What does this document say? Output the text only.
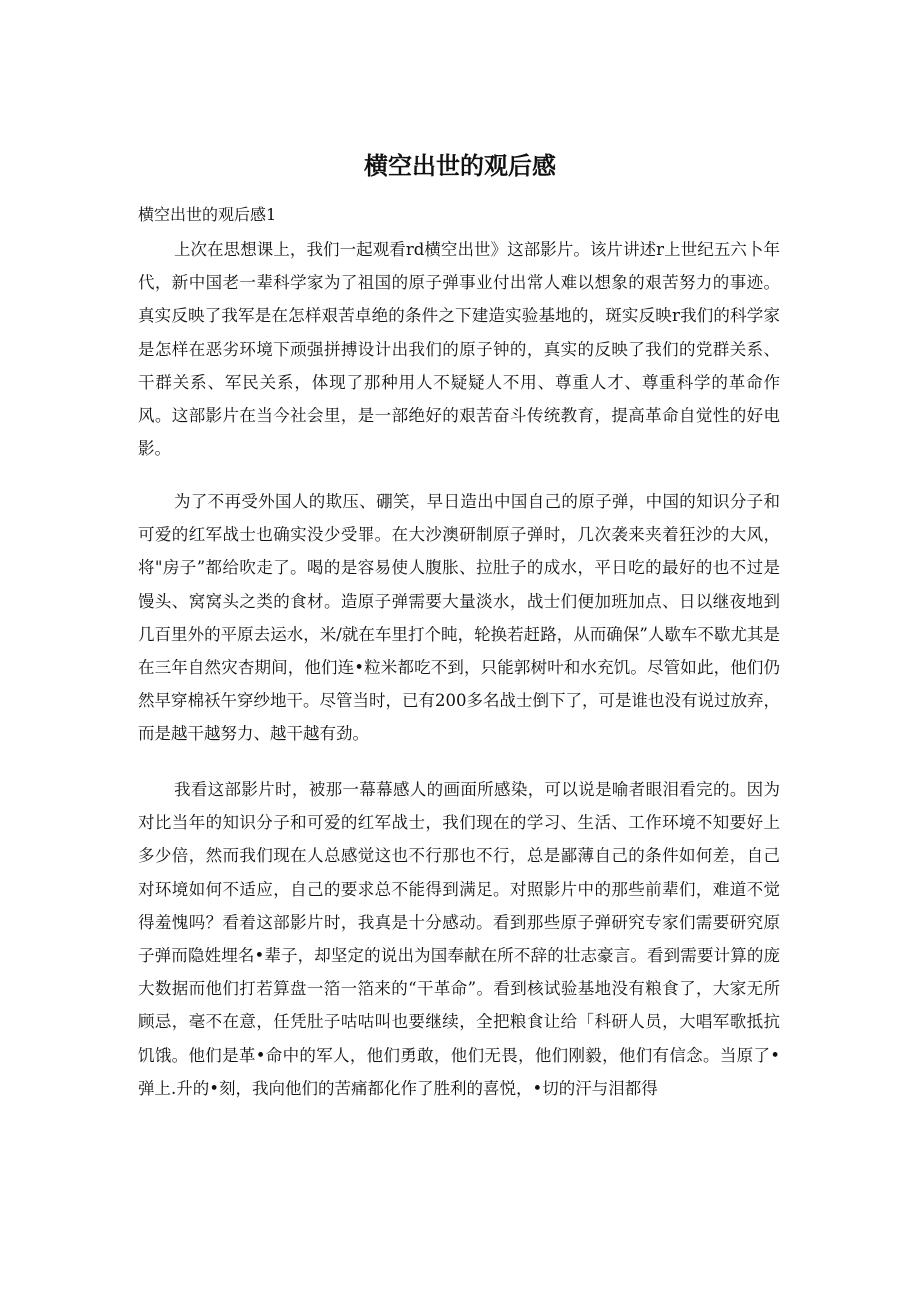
横空出世的观后感

横空出世的观后感1

上次在思想课上，我们一起观看rd横空出世》这部影片。该片讲述r上世纪五六卜年代，新中国老一辈科学家为了祖国的原子弹事业付出常人难以想象的艰苦努力的事迹。真实反映了我军是在怎样艰苦卓绝的条件之下建造实验基地的，斑实反映r我们的科学家是怎样在恶劣环境下顽强拼搏设计出我们的原子钟的，真实的反映了我们的党群关系、干群关系、军民关系，体现了那种用人不疑疑人不用、尊重人才、尊重科学的革命作风。这部影片在当今社会里，是一部绝好的艰苦奋斗传统教育，提高革命自觉性的好电影。

为了不再受外国人的欺压、硼笑，早日造出中国自己的原子弹，中国的知识分子和可爱的红军战士也确实没少受罪。在大沙澳研制原子弹时，几次袭来夹着狂沙的大风，将"房子”都给吹走了。喝的是容易使人腹胀、拉肚子的成水，平日吃的最好的也不过是馒头、窝窝头之类的食材。造原子弹需要大量淡水，战士们便加班加点、日以继夜地到几百里外的平原去运水，米/就在车里打个盹，轮换若赶路，从而确保”人歇车不歇尤其是在三年自然灾杏期间，他们连•粒米都吃不到，只能郭树叶和水充饥。尽管如此，他们仍然早穿棉袄午穿纱地干。尽管当时，已有200多名战士倒下了，可是谁也没有说过放弃，而是越干越努力、越干越有劲。

我看这部影片时，被那一幕幕感人的画面所感染，可以说是喻者眼泪看完的。因为对比当年的知识分子和可爱的红军战士，我们现在的学习、生活、工作环境不知要好上多少倍，然而我们现在人总感觉这也不行那也不行，总是鄙薄自己的条件如何差，自己对环境如何不适应，自己的要求总不能得到满足。对照影片中的那些前辈们，难道不觉得羞愧吗？看着这部影片时，我真是十分感动。看到那些原子弹研究专家们需要研究原子弹而隐姓埋名•辈子，却坚定的说出为国奉献在所不辞的壮志豪言。看到需要计算的庞大数据而他们打若算盘一箔一箔来的“干革命”。看到核试验基地没有粮食了，大家无所顾忌，毫不在意，任凭肚子咕咕叫也要继续，全把粮食让给「科研人员，大唱军歌抵抗饥饿。他们是革•命中的军人，他们勇敢，他们无畏，他们刚毅，他们有信念。当原了•弹上.升的•刻，我向他们的苦痛都化作了胜利的喜悦，•切的汗与泪都得
